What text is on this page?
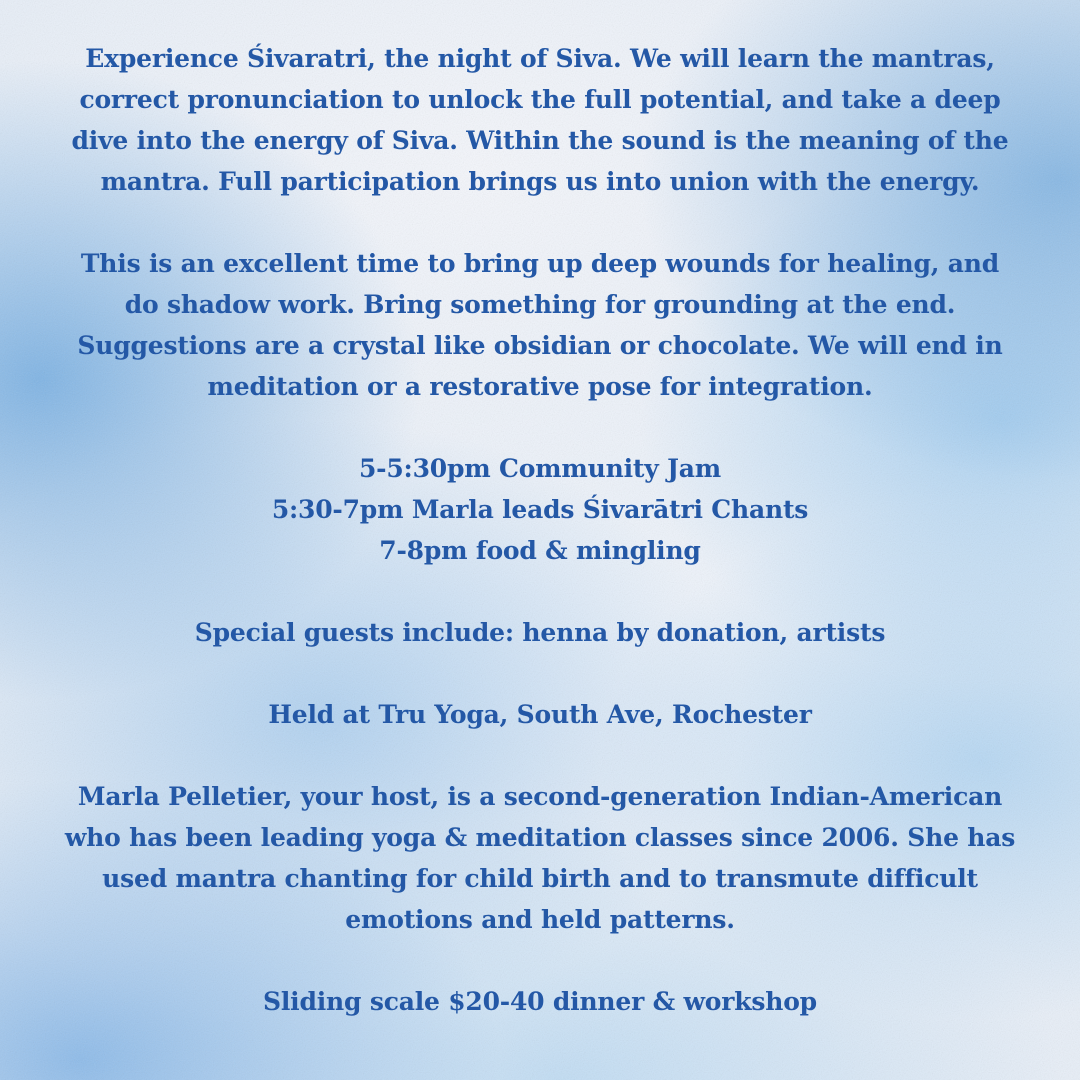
Experience Śivaratri, the night of Siva. We will learn the mantras,
correct pronunciation to unlock the full potential, and take a deep
dive into the energy of Siva. Within the sound is the meaning of the
mantra. Full participation brings us into union with the energy.
This is an excellent time to bring up deep wounds for healing, and
do shadow work. Bring something for grounding at the end.
Suggestions are a crystal like obsidian or chocolate. We will end in
meditation or a restorative pose for integration.
5-5:30pm Community Jam
5:30-7pm Marla leads Śivarātri Chants
7-8pm food & mingling
Special guests include: henna by donation, artists
Held at Tru Yoga, South Ave, Rochester
Marla Pelletier, your host, is a second-generation Indian-American
who has been leading yoga & meditation classes since 2006. She has
used mantra chanting for child birth and to transmute difficult
emotions and held patterns.
Sliding scale $20-40 dinner & workshop
